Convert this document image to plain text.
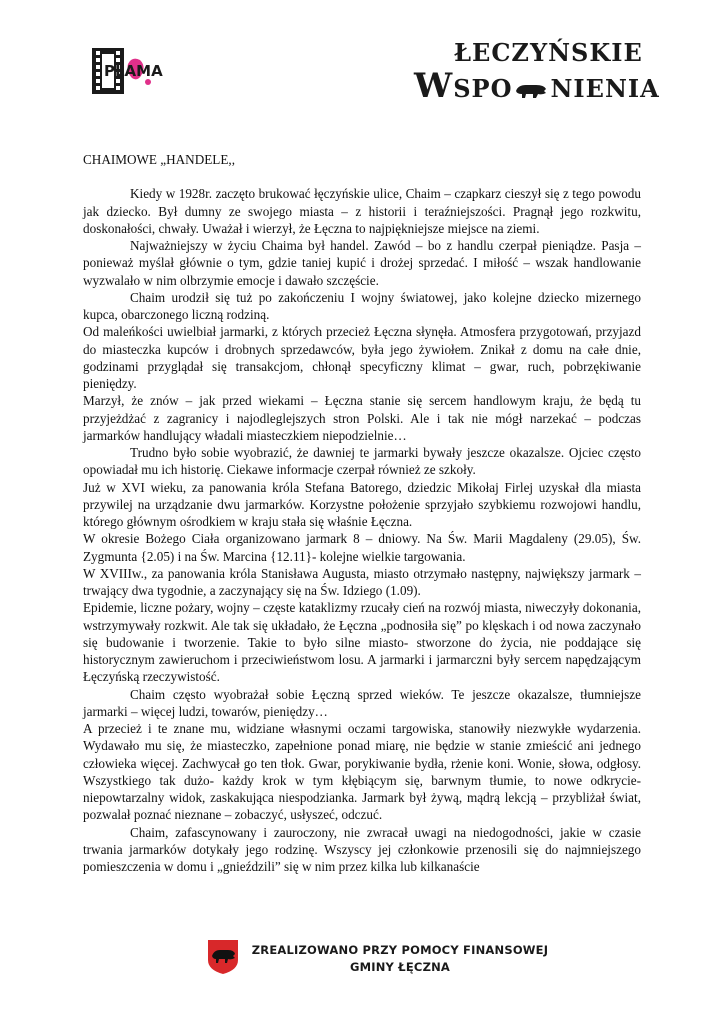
PLAMA
ŁECZYŃSKIE
WSPO NIENIA

CHAIMOWE „HANDELE,,

Kiedy w 1928r. zaczęto brukować łęczyńskie ulice, Chaim – czapkarz cieszył się z tego powodu jak dziecko. Był dumny ze swojego miasta – z historii i teraźniejszości. Pragnął jego rozkwitu, doskonałości, chwały. Uważał i wierzył, że Łęczna to najpiękniejsze miejsce na ziemi.

Najważniejszy w życiu Chaima był handel. Zawód – bo z handlu czerpał pieniądze. Pasja – ponieważ myślał głównie o tym, gdzie taniej kupić i drożej sprzedać. I miłość – wszak handlowanie wyzwalało w nim olbrzymie emocje i dawało szczęście.

Chaim urodził się tuż po zakończeniu I wojny światowej, jako kolejne dziecko mizernego kupca, obarczonego liczną rodziną.

Od maleńkości uwielbiał jarmarki, z których przecież Łęczna słynęła. Atmosfera przygotowań, przyjazd do miasteczka kupców i drobnych sprzedawców, była jego żywiołem. Znikał z domu na całe dnie, godzinami przyglądał się transakcjom, chłonął specyficzny klimat – gwar, ruch, pobrzękiwanie pieniędzy.

Marzył, że znów – jak przed wiekami – Łęczna stanie się sercem handlowym kraju, że będą tu przyjeżdżać z zagranicy i najodleglejszych stron Polski. Ale i tak nie mógł narzekać – podczas jarmarków handlujący władali miasteczkiem niepodzielnie…

Trudno było sobie wyobrazić, że dawniej te jarmarki bywały jeszcze okazalsze. Ojciec często opowiadał mu ich historię. Ciekawe informacje czerpał również ze szkoły.

Już w XVI wieku, za panowania króla Stefana Batorego, dziedzic Mikołaj Firlej uzyskał dla miasta przywilej na urządzanie dwu jarmarków. Korzystne położenie sprzyjało szybkiemu rozwojowi handlu, którego głównym ośrodkiem w kraju stała się właśnie Łęczna.

W okresie Bożego Ciała organizowano jarmark 8 – dniowy. Na Św. Marii Magdaleny (29.05), Św. Zygmunta {2.05) i na Św. Marcina {12.11}- kolejne wielkie targowania.

W XVIIIw., za panowania króla Stanisława Augusta, miasto otrzymało następny, największy jarmark – trwający dwa tygodnie, a zaczynający się na Św. Idziego (1.09).

Epidemie, liczne pożary, wojny – częste kataklizmy rzucały cień na rozwój miasta, niweczyły dokonania, wstrzymywały rozkwit. Ale tak się układało, że Łęczna „podnosiła się” po klęskach i od nowa zaczynało się budowanie i tworzenie. Takie to było silne miasto- stworzone do życia, nie poddające się historycznym zawieruchom i przeciwieństwom losu. A jarmarki i jarmarczni były sercem napędzającym Łęczyńską rzeczywistość.

Chaim często wyobrażał sobie Łęczną sprzed wieków. Te jeszcze okazalsze, tłumniejsze jarmarki – więcej ludzi, towarów, pieniędzy…

A przecież i te znane mu, widziane własnymi oczami targowiska, stanowiły niezwykłe wydarzenia. Wydawało mu się, że miasteczko, zapełnione ponad miarę, nie będzie w stanie zmieścić ani jednego człowieka więcej. Zachwycał go ten tłok. Gwar, porykiwanie bydła, rżenie koni. Wonie, słowa, odgłosy. Wszystkiego tak dużo- każdy krok w tym kłębiącym się, barwnym tłumie, to nowe odkrycie- niepowtarzalny widok, zaskakująca niespodzianka. Jarmark był żywą, mądrą lekcją – przybliżał świat, pozwalał poznać nieznane – zobaczyć, usłyszeć, odczuć.

Chaim, zafascynowany i zauroczony, nie zwracał uwagi na niedogodności, jakie w czasie trwania jarmarków dotykały jego rodzinę. Wszyscy jej członkowie przenosili się do najmniejszego pomieszczenia w domu i „gnieździli” się w nim przez kilka lub kilkanaście

ZREALIZOWANO PRZY POMOCY FINANSOWEJ
GMINY ŁĘCZNA
